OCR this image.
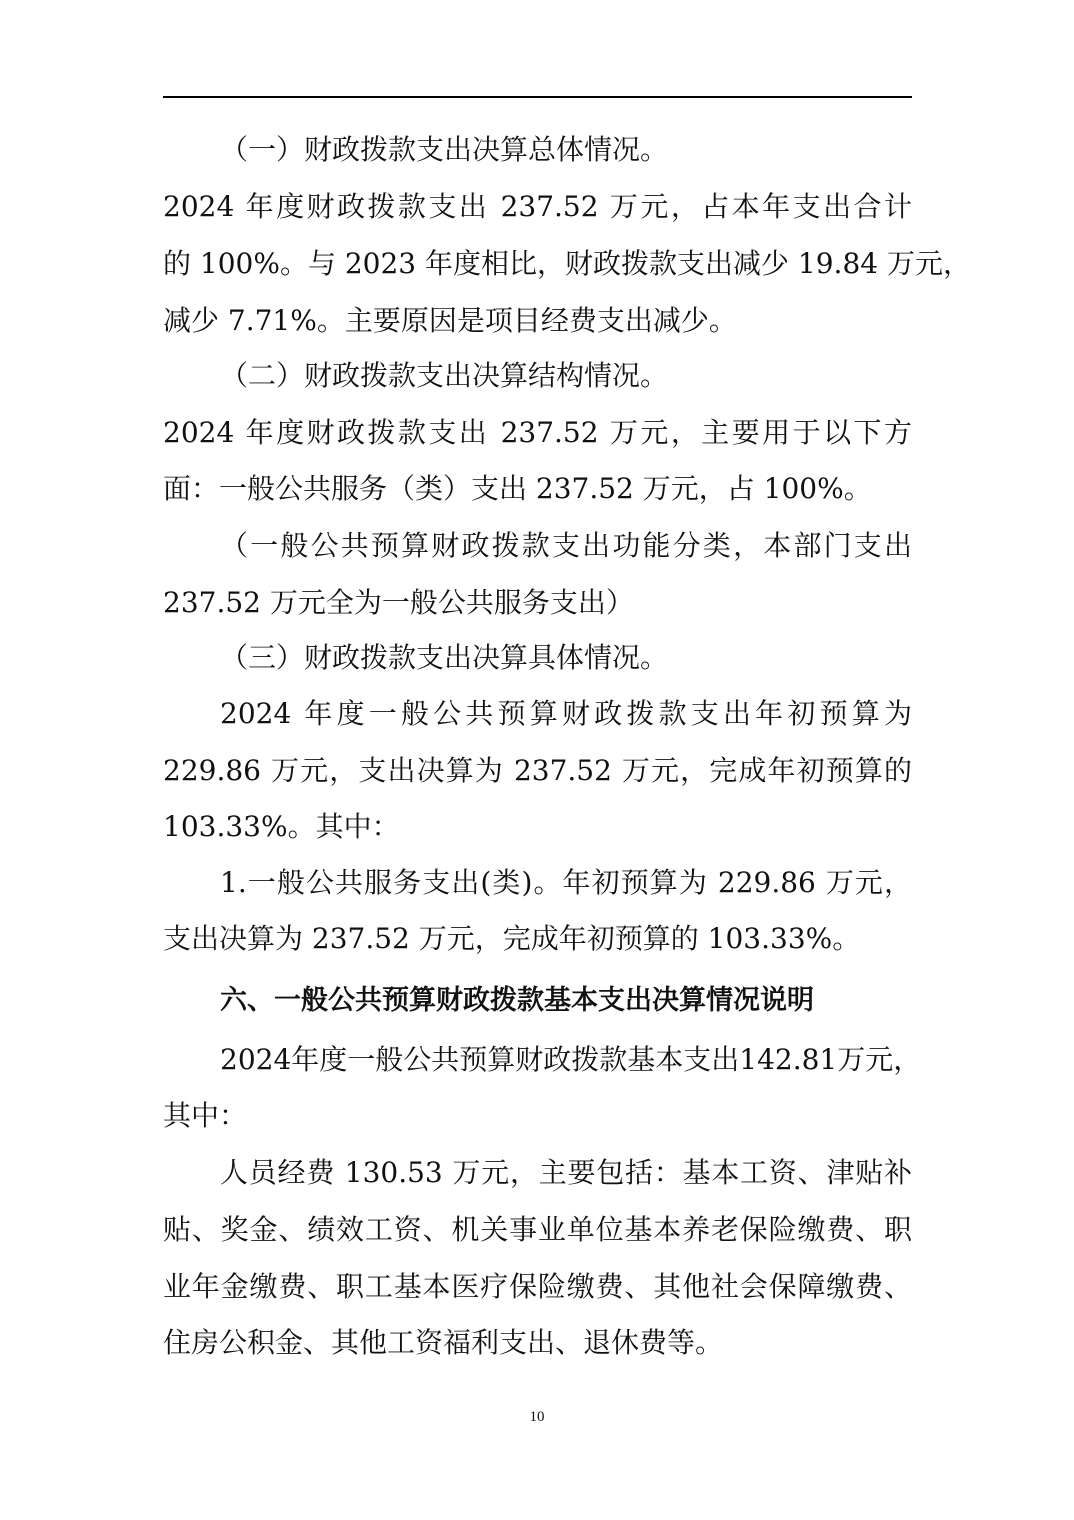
（一）财政拨款支出决算总体情况。

2024 年度财政拨款支出 237.52 万元，占本年支出合计

的 100%。与 2023 年度相比，财政拨款支出减少 19.84 万元，

减少 7.71%。主要原因是项目经费支出减少。

（二）财政拨款支出决算结构情况。

2024 年度财政拨款支出 237.52 万元，主要用于以下方

面：一般公共服务（类）支出 237.52 万元，占 100%。

（一般公共预算财政拨款支出功能分类，本部门支出

237.52 万元全为一般公共服务支出）

（三）财政拨款支出决算具体情况。

2024 年度一般公共预算财政拨款支出年初预算为

229.86 万元，支出决算为 237.52 万元，完成年初预算的

103.33%。其中：

1.一般公共服务支出(类)。年初预算为 229.86 万元，

支出决算为 237.52 万元，完成年初预算的 103.33%。

六、一般公共预算财政拨款基本支出决算情况说明

2024年度一般公共预算财政拨款基本支出142.81万元，

其中：

人员经费 130.53 万元，主要包括：基本工资、津贴补

贴、奖金、绩效工资、机关事业单位基本养老保险缴费、职

业年金缴费、职工基本医疗保险缴费、其他社会保障缴费、

住房公积金、其他工资福利支出、退休费等。

10
